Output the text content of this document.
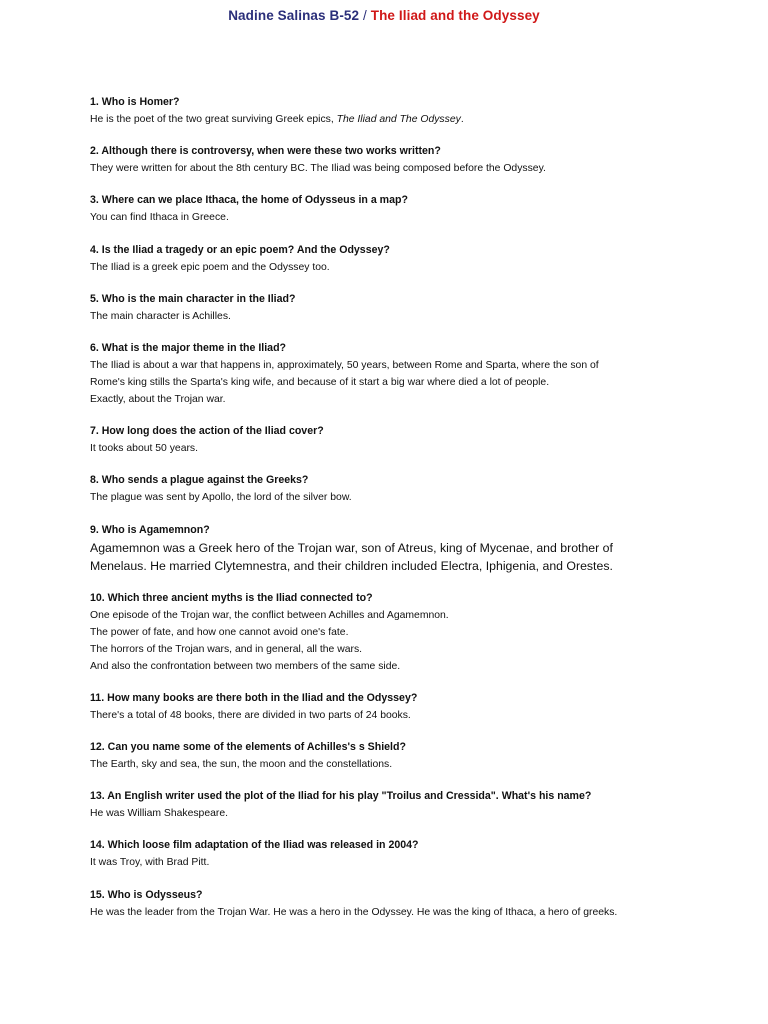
Nadine Salinas B-52 / The Iliad and the Odyssey

1. Who is Homer?

He is the poet of the two great surviving Greek epics, The Iliad and The Odyssey.

2. Although there is controversy, when were these two works written?

They were written for about the 8th century BC. The Iliad was being composed before the Odyssey.

3. Where can we place Ithaca, the home of Odysseus in a map?

You can find Ithaca in Greece.

4. Is the Iliad a tragedy or an epic poem? And the Odyssey?

The Iliad is a greek epic poem and the Odyssey too.

5. Who is the main character in the Iliad?

The main character is Achilles.

6. What is the major theme in the Iliad?

The Iliad is about a war that happens in, approximately, 50 years, between Rome and Sparta, where the son of

Rome's king stills the Sparta's king wife, and because of it start a big war where died a lot of people.

Exactly, about the Trojan war.

7. How long does the action of the Iliad cover?

It tooks about 50 years.

8. Who sends a plague against the Greeks?

The plague was sent by Apollo, the lord of the silver bow.

9. Who is Agamemnon?

Agamemnon was a Greek hero of the Trojan war, son of Atreus, king of Mycenae, and brother of

Menelaus. He married Clytemnestra, and their children included Electra, Iphigenia, and Orestes.

10. Which three ancient myths is the Iliad connected to?

One episode of the Trojan war, the conflict between Achilles and Agamemnon.

The power of fate, and how one cannot avoid one's fate.

The horrors of the Trojan wars, and in general, all the wars.

And also the confrontation between two members of the same side.

11. How many books are there both in the Iliad and the Odyssey?

There's a total of 48 books, there are divided in two parts of 24 books.

12. Can you name some of the elements of Achilles's s Shield?

The Earth, sky and sea, the sun, the moon and the constellations.

13. An English writer used the plot of the Iliad for his play "Troilus and Cressida". What's his name?

He was William Shakespeare.

14. Which loose film adaptation of the Iliad was released in 2004?

It was Troy, with Brad Pitt.

15. Who is Odysseus?

He was the leader from the Trojan War. He was a hero in the Odyssey. He was the king of Ithaca, a hero of greeks.
